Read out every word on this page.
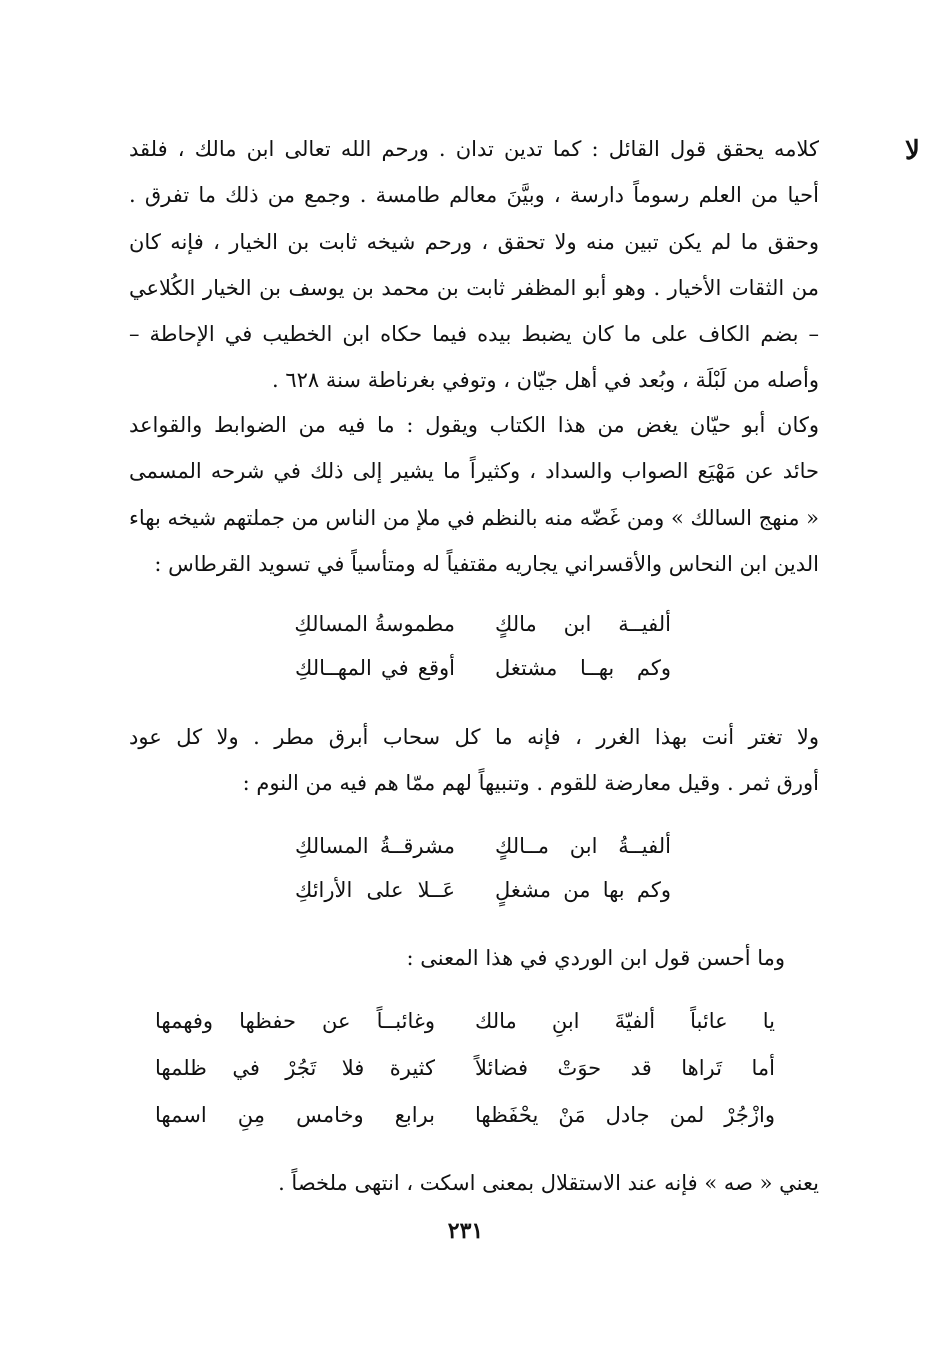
لا
كلامه يحقق قول القائل : كما تدين تدان . ورحم الله تعالى ابن مالك ، فلقد
أحيا من العلم رسوماً دارسة ، وبيَّنَ معالم طامسة . وجمع من ذلك ما تفرق .
وحقق ما لم يكن تبين منه ولا تحقق ، ورحم شيخه ثابت بن الخيار ، فإنه كان
من الثقات الأخيار . وهو أبو المظفر ثابت بن محمد بن يوسف بن الخيار الكُلاعي
– بضم الكاف على ما كان يضبط بيده فيما حكاه ابن الخطيب في الإحاطة –
وأصله من لَبْلَة ، وبُعد في أهل جيّان ، وتوفي بغرناطة سنة ٦٢٨ .
وكان أبو حيّان يغض من هذا الكتاب ويقول : ما فيه من الضوابط والقواعد
حائد عن مَهْيَع الصواب والسداد ، وكثيراً ما يشير إلى ذلك في شرحه المسمى
« منهج السالك » ومن غَضّه منه بالنظم في ملإ من الناس من جملتهم شيخه بهاء
الدين ابن النحاس والأقسراني يجاريه مقتفياً له ومتأسياً في تسويد القرطاس :
ألفيــة ابن مالكٍ
مطموسةُ المسالكِ
وكم بهــا مشتغل
أوقع في المهــالكِ
ولا تغتر أنت بهذا الغرر ، فإنه ما كل سحاب أبرق مطر . ولا كل عود
أورق ثمر . وقيل معارضة للقوم . وتنبيهاً لهم ممّا هم فيه من النوم :
ألفيــةُ ابن مــالكٍ
مشرقــةُ المسالكِ
وكم بها من مشغلٍ
عَــلا على الأرائكِ
وما أحسن قول ابن الوردي في هذا المعنى :
يا عائباً ألفيّةَ ابنِ مالك
وغائبــاً عن حفظها وفهمها
أما تَراها قد حوَتْ فضائلاً
كثيرة فلا تَجُرْ في ظلمها
وازْجُرْ لمن جادل مَنْ يحْفَظها
برابع وخامس مِنِ اسمها
يعني « صه » فإنه عند الاستقلال بمعنى اسكت ، انتهى ملخصاً .
٢٣١
